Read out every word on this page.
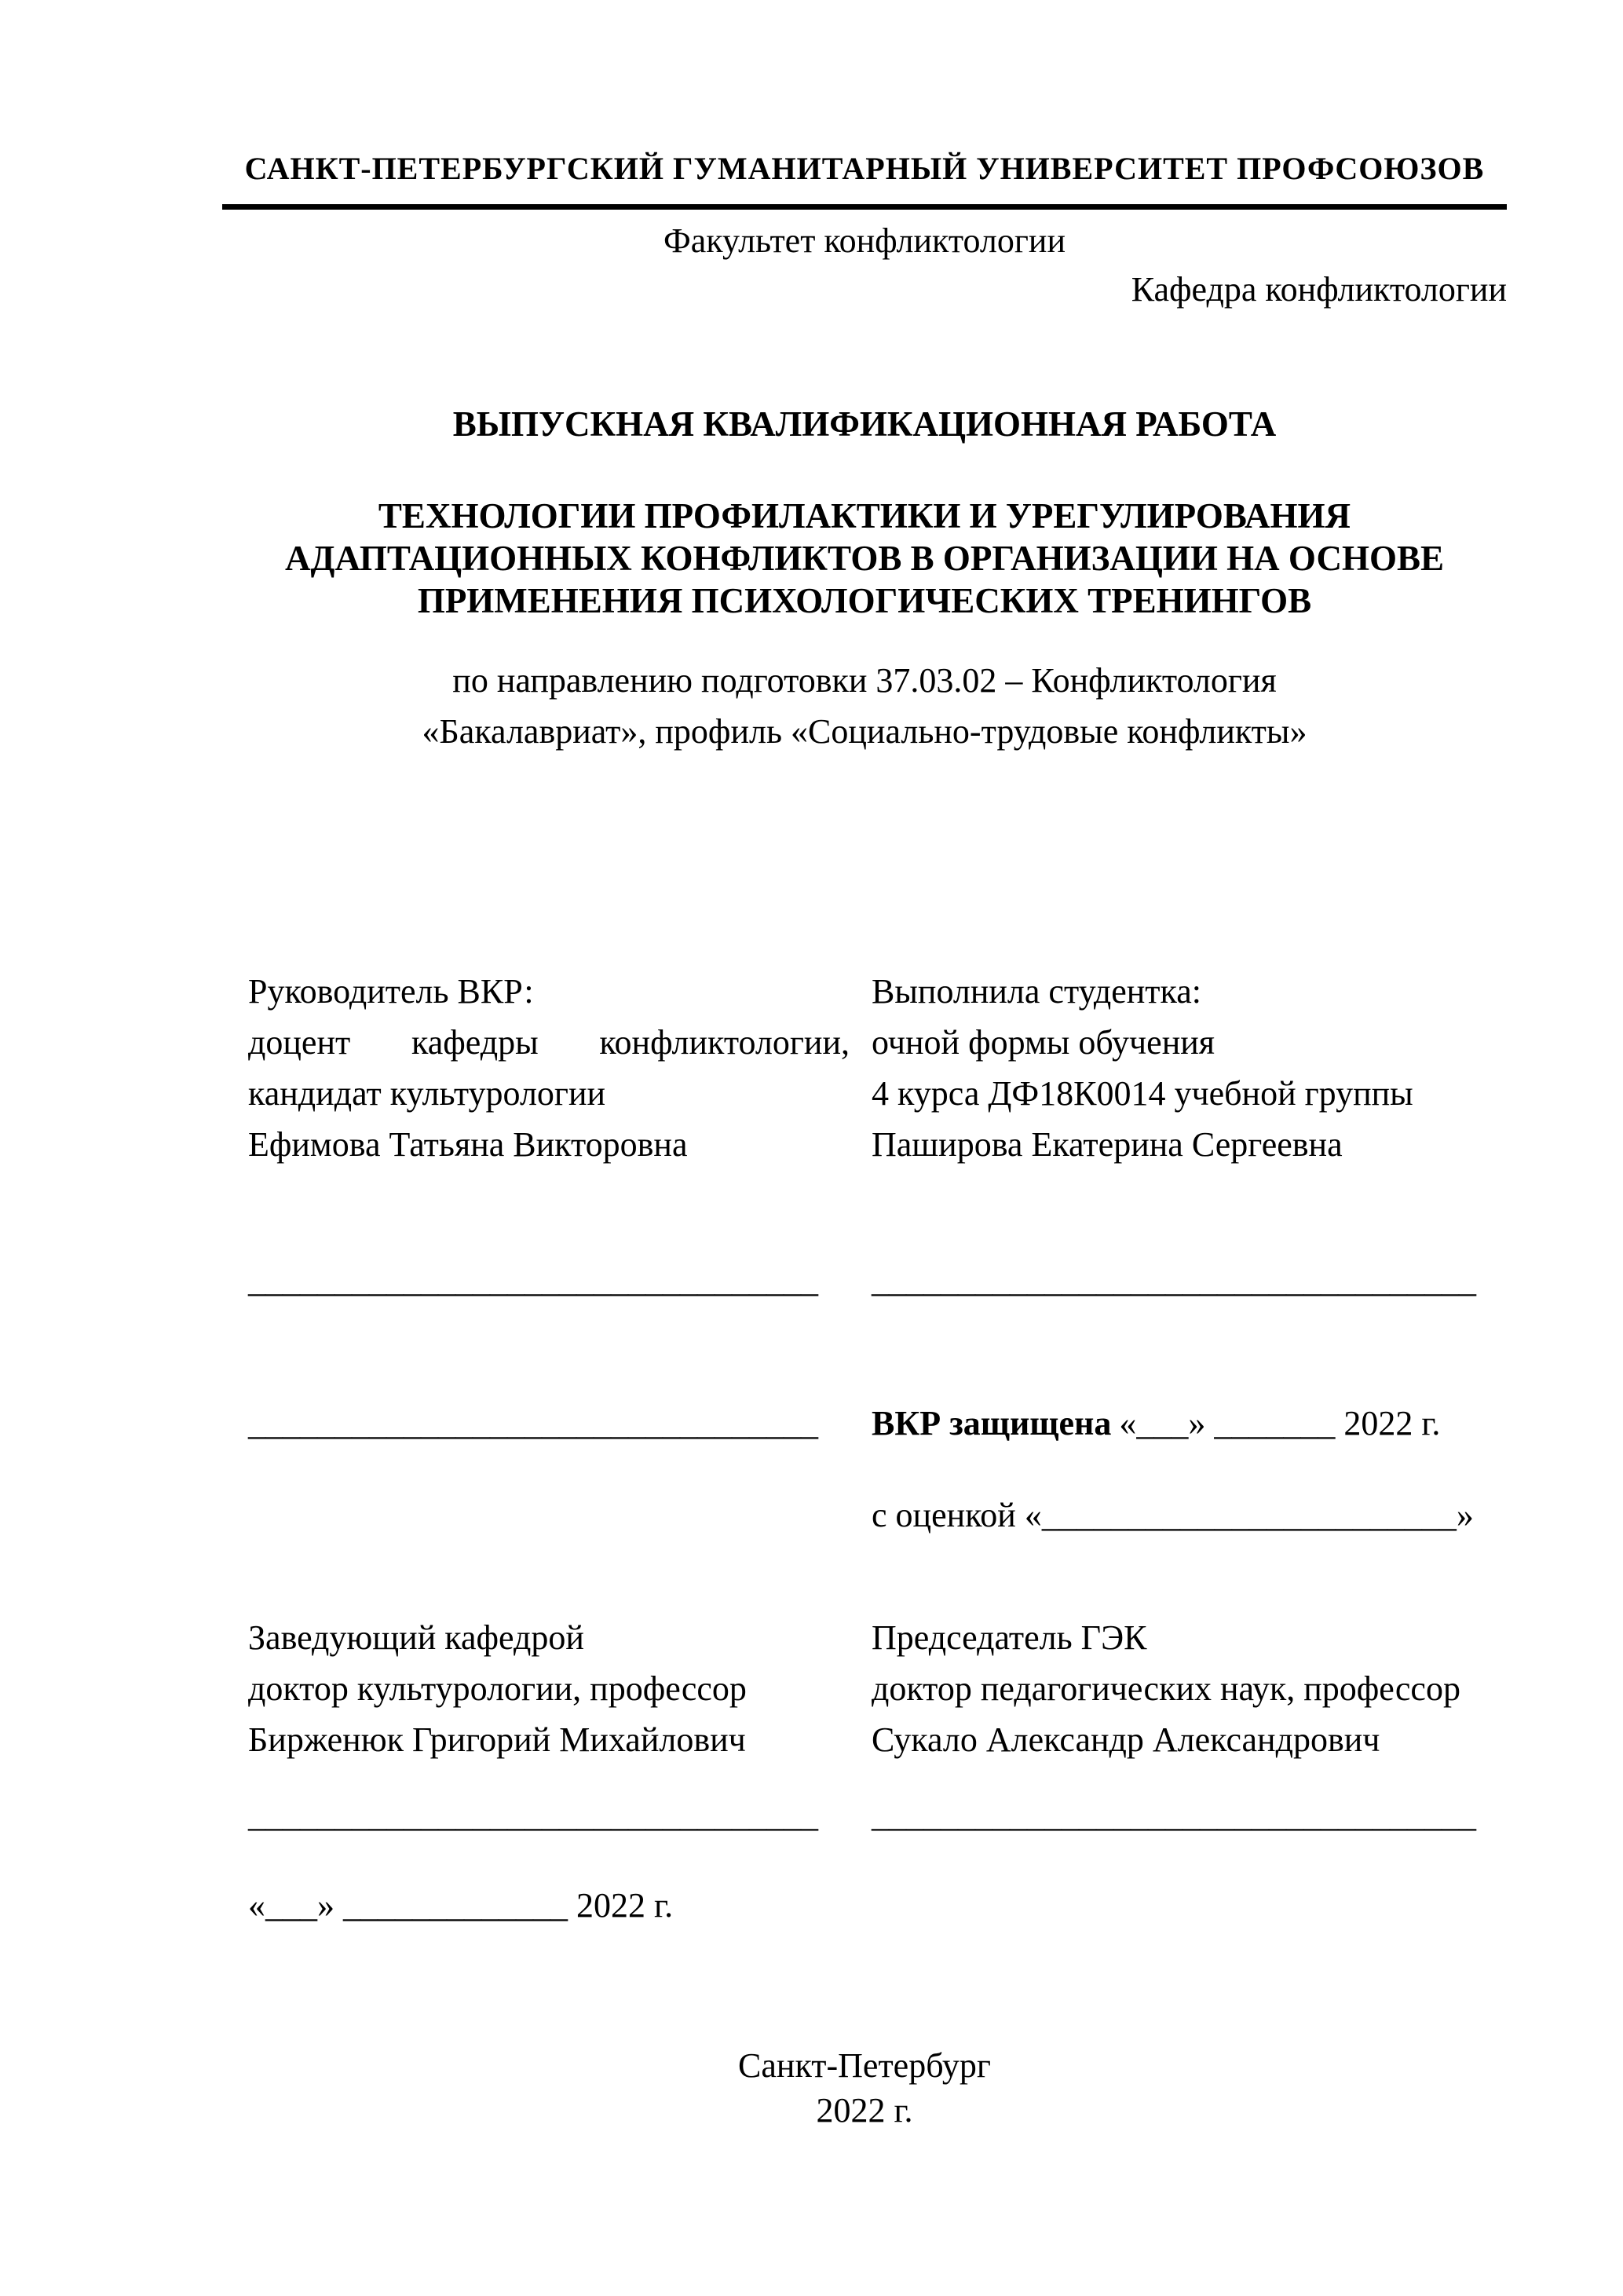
САНКТ-ПЕТЕРБУРГСКИЙ ГУМАНИТАРНЫЙ УНИВЕРСИТЕТ ПРОФСОЮЗОВ
Факультет конфликтологии
Кафедра конфликтологии
ВЫПУСКНАЯ КВАЛИФИКАЦИОННАЯ РАБОТА
ТЕХНОЛОГИИ ПРОФИЛАКТИКИ И УРЕГУЛИРОВАНИЯ
АДАПТАЦИОННЫХ КОНФЛИКТОВ В ОРГАНИЗАЦИИ НА ОСНОВЕ
ПРИМЕНЕНИЯ ПСИХОЛОГИЧЕСКИХ ТРЕНИНГОВ
по направлению подготовки 37.03.02 – Конфликтология
«Бакалавриат», профиль «Социально-трудовые конфликты»
Руководитель ВКР:
доцент кафедры конфликтологии,
кандидат культурологии
Ефимова Татьяна Викторовна
Выполнила студентка:
очной формы обучения
4 курса ДФ18К0014 учебной группы
Паширова Екатерина Сергеевна
_________________________________ ___________________________________
_________________________________ ВКР защищена «___» _______ 2022 г.
с оценкой «________________________»
Заведующий кафедрой
доктор культурологии, профессор
Бирженюк Григорий Михайлович
Председатель ГЭК
доктор педагогических наук, профессор
Сукало Александр Александрович
_________________________________ ___________________________________
«___» _____________ 2022 г.
Санкт-Петербург
2022 г.
